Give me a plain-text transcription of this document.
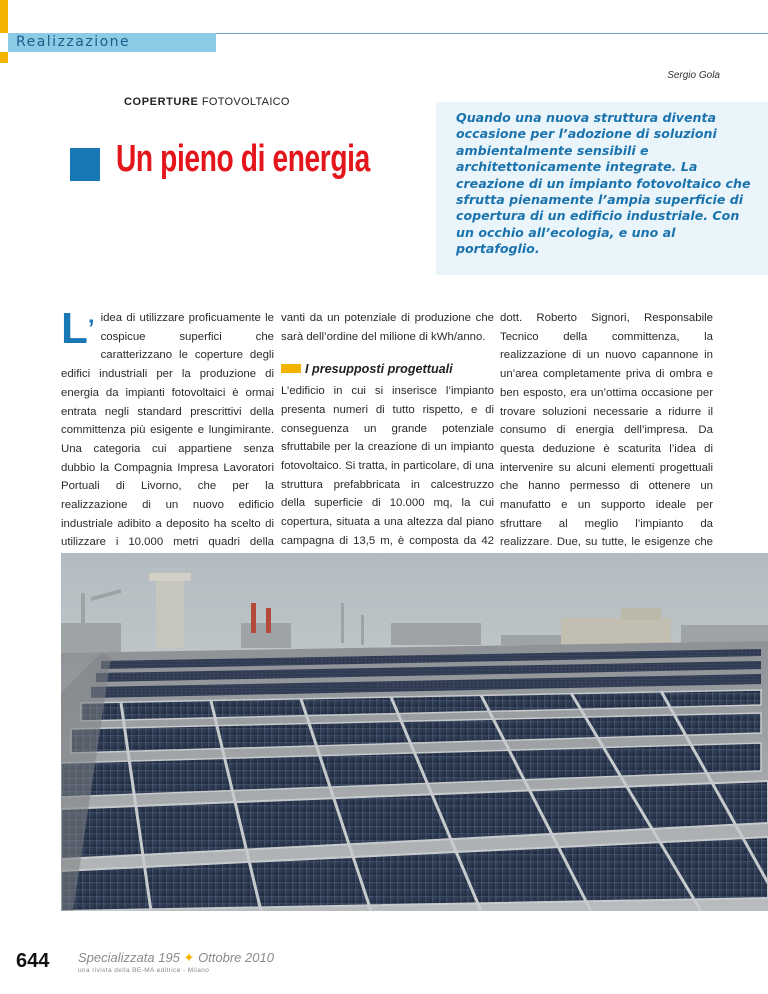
Realizzazione
Sergio Gola
COPERTURE FOTOVOLTAICO
Un pieno di energia
Quando una nuova struttura diventa occasione per l’adozione di soluzioni ambientalmente sensibili e architettonicamente integrate. La creazione di un impianto fotovoltaico che sfrutta pienamente l’ampia superficie di copertura di un edificio industriale. Con un occhio all’ecologia, e uno al portafoglio.
L’ idea di utilizzare proficuamente le cospicue superfici che caratterizzano le coperture degli edifici industriali per la produzione di energia da impianti fotovoltaici è ormai entrata negli standard prescrittivi della committenza più esigente e lungimirante. Una categoria cui appartiene senza dubbio la Compagnia Impresa Lavoratori Portuali di Livorno, che per la realizzazione di un nuovo edificio industriale adibito a deposito ha scelto di utilizzare i 10.000 metri quadri della
vanti da un potenziale di produzione che sarà dell’ordine del milione di kWh/anno.
I presupposti progettuali
L’edificio in cui si inserisce l’impianto presenta numeri di tutto rispetto, e di conseguenza un grande potenziale sfruttabile per la creazione di un impianto fotovoltaico. Si tratta, in particolare, di una struttura prefabbricata in calcestruzzo della superficie di 10.000 mq, la cui copertura, situata a una altezza dal piano campagna di 13,5 m, è composta da 42
dott. Roberto Signori, Responsabile Tecnico della committenza, la realizzazione di un nuovo capannone in un’area completamente priva di ombra e ben esposto, era un’ottima occasione per trovare soluzioni necessarie a ridurre il consumo di energia dell’impresa. Da questa deduzione è scaturita l’idea di intervenire su alcuni elementi progettuali che hanno permesso di ottenere un manufatto e un supporto ideale per sfruttare al meglio l’impianto da realizzare. Due, su tutte, le esigenze che
644 Specializzata 195 ✦ Ottobre 2010
una rivista della BE-MA editrice - Milano
